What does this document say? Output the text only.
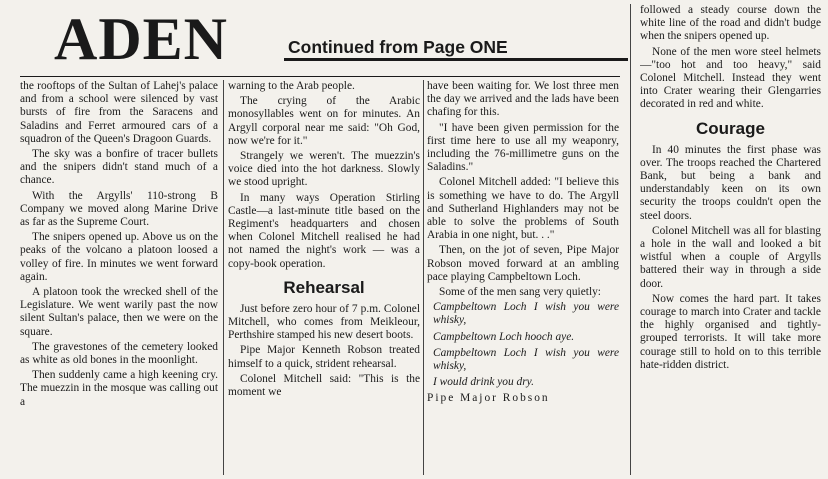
ADEN	Continued from Page ONE

the rooftops of the Sultan of Lahej's palace and from a school were silenced by vast bursts of fire from the Saracens and Saladins and Ferret armoured cars of a squadron of the Queen's Dragoon Guards.

The sky was a bonfire of tracer bullets and the snipers didn't stand much of a chance.

With the Argylls' 110-strong B Company we moved along Marine Drive as far as the Supreme Court.

The snipers opened up. Above us on the peaks of the volcano a platoon loosed a volley of fire. In minutes we went forward again.

A platoon took the wrecked shell of the Legislature. We went warily past the now silent Sultan's palace, then we were on the square.

The gravestones of the cemetery looked as white as old bones in the moonlight.

Then suddenly came a high keening cry. The muezzin in the mosque was calling out a

warning to the Arab people.

The crying of the Arabic monosyllables went on for minutes. An Argyll corporal near me said: "Oh God, now we're for it."

Strangely we weren't. The muezzin's voice died into the hot darkness. Slowly we stood upright.

In many ways Operation Stirling Castle—a last-minute title based on the Regiment's headquarters and chosen when Colonel Mitchell realised he had not named the night's work — was a copy-book operation.

Rehearsal

Just before zero hour of 7 p.m. Colonel Mitchell, who comes from Meikleour, Perthshire stamped his new desert boots.

Pipe Major Kenneth Robson treated himself to a quick, strident rehearsal.

Colonel Mitchell said: "This is the moment we

have been waiting for. We lost three men the day we arrived and the lads have been chafing for this.

"I have been given permission for the first time here to use all my weaponry, including the 76-millimetre guns on the Saladins."

Colonel Mitchell added: "I believe this is something we have to do. The Argyll and Sutherland Highlanders may not be able to solve the problems of South Arabia in one night, but. . ."

Then, on the jot of seven, Pipe Major Robson moved forward at an ambling pace playing Campbeltown Loch.

Some of the men sang very quietly:

Campbeltown Loch I wish you were whisky,

Campbeltown Loch hooch aye.

Campbeltown Loch I wish you were whisky,

I would drink you dry.

Pipe Major Robson

followed a steady course down the white line of the road and didn't budge when the snipers opened up.

None of the men wore steel helmets—"too hot and too heavy," said Colonel Mitchell. Instead they went into Crater wearing their Glengarries decorated in red and white.

Courage

In 40 minutes the first phase was over. The troops reached the Chartered Bank, but being a bank and understandably keen on its own security the troops couldn't open the steel doors.

Colonel Mitchell was all for blasting a hole in the wall and looked a bit wistful when a couple of Argylls battered their way in through a side door.

Now comes the hard part. It takes courage to march into Crater and tackle the highly organised and tightly-grouped terrorists. It will take more courage still to hold on to this terrible hate-ridden district.
